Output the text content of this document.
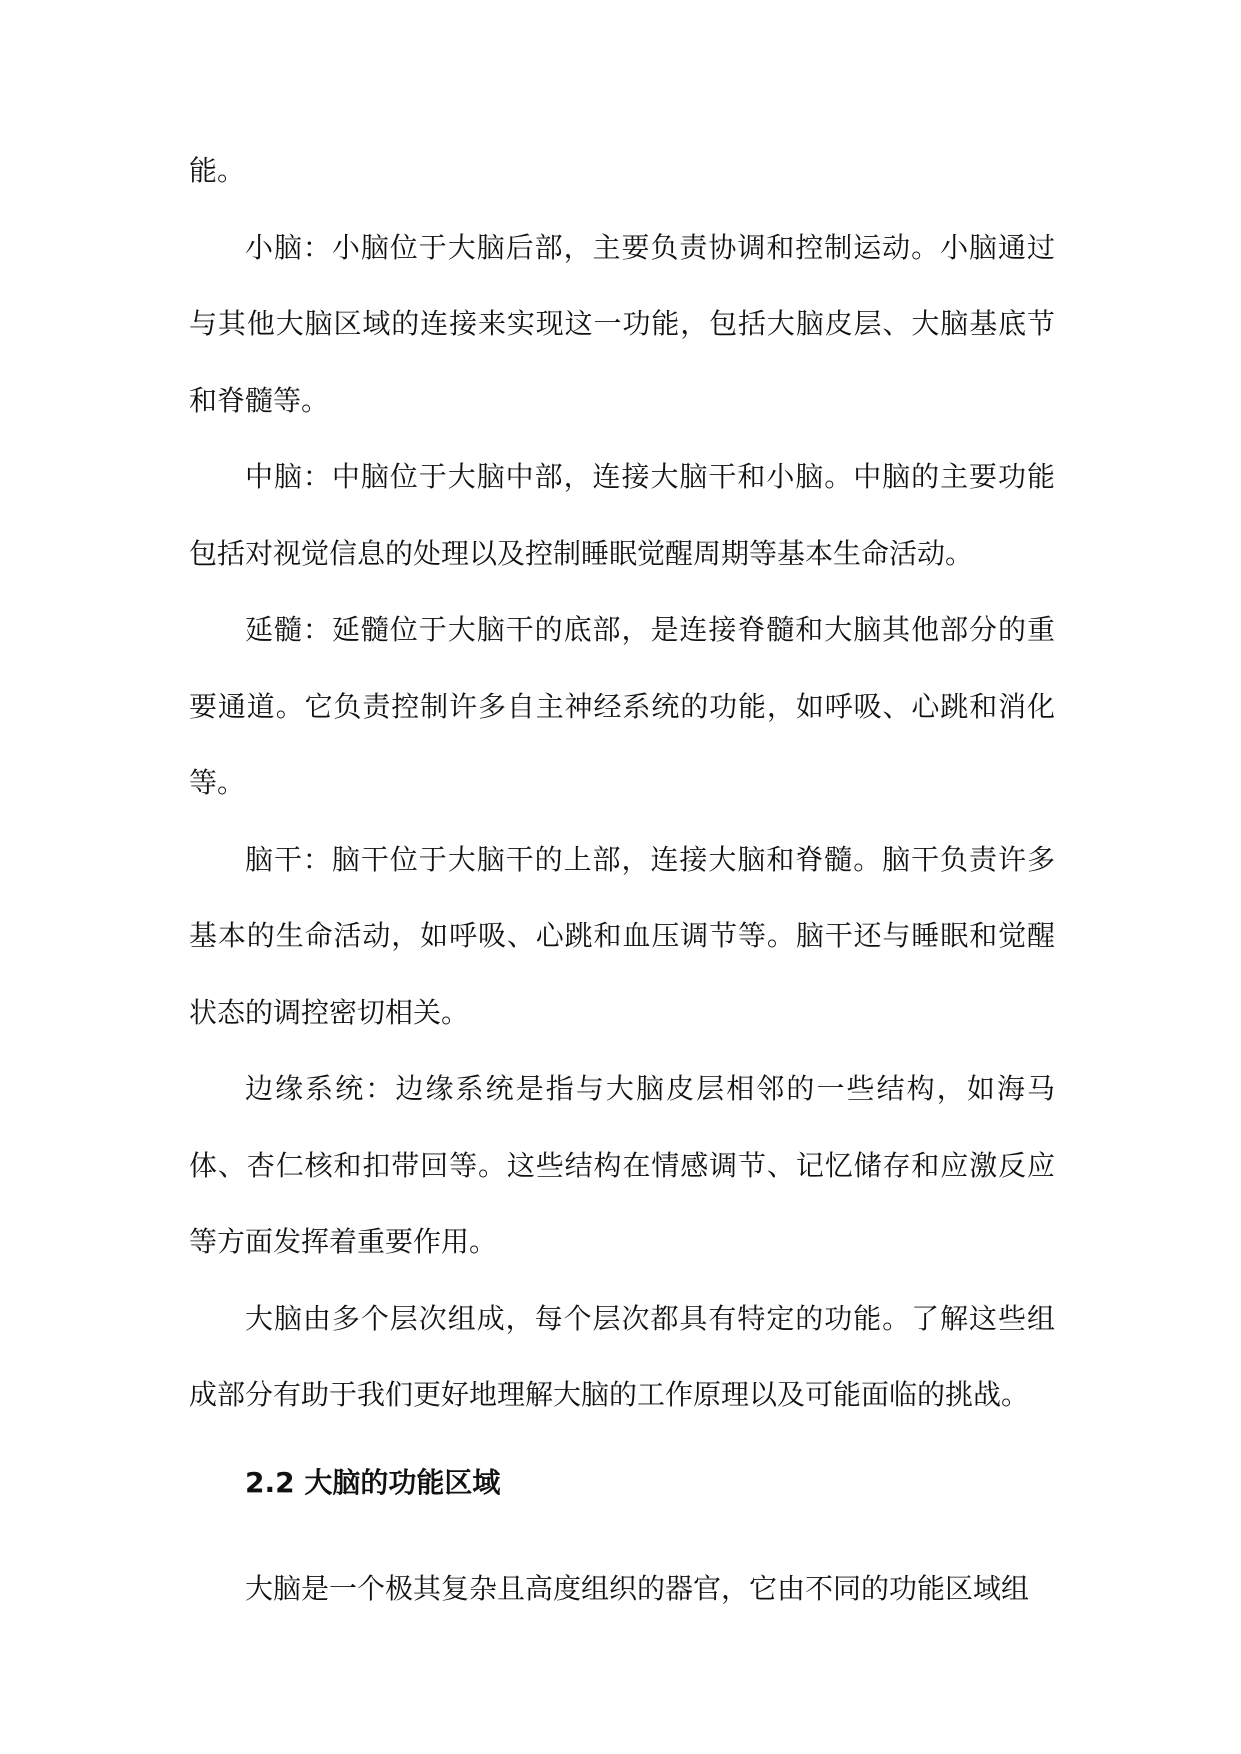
能。

小脑：小脑位于大脑后部，主要负责协调和控制运动。小脑通过与其他大脑区域的连接来实现这一功能，包括大脑皮层、大脑基底节和脊髓等。

中脑：中脑位于大脑中部，连接大脑干和小脑。中脑的主要功能包括对视觉信息的处理以及控制睡眠觉醒周期等基本生命活动。

延髓：延髓位于大脑干的底部，是连接脊髓和大脑其他部分的重要通道。它负责控制许多自主神经系统的功能，如呼吸、心跳和消化等。

脑干：脑干位于大脑干的上部，连接大脑和脊髓。脑干负责许多基本的生命活动，如呼吸、心跳和血压调节等。脑干还与睡眠和觉醒状态的调控密切相关。

边缘系统：边缘系统是指与大脑皮层相邻的一些结构，如海马体、杏仁核和扣带回等。这些结构在情感调节、记忆储存和应激反应等方面发挥着重要作用。

大脑由多个层次组成，每个层次都具有特定的功能。了解这些组成部分有助于我们更好地理解大脑的工作原理以及可能面临的挑战。

2.2 大脑的功能区域

大脑是一个极其复杂且高度组织的器官，它由不同的功能区域组
